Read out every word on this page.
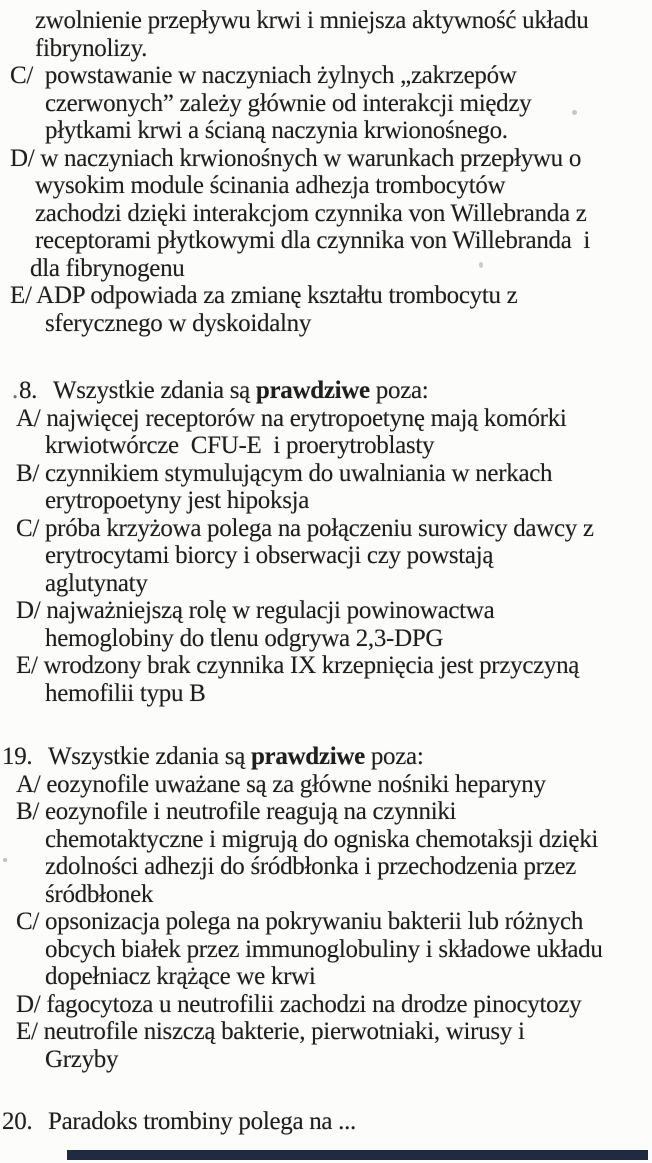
zwolnienie przepływu krwi i mniejsza aktywność układu
fibrynolizy.
C/  powstawanie w naczyniach żylnych „zakrzepów
czerwonych” zależy głównie od interakcji między
płytkami krwi a ścianą naczynia krwionośnego.
D/ w naczyniach krwionośnych w warunkach przepływu o
wysokim module ścinania adhezja trombocytów
zachodzi dzięki interakcjom czynnika von Willebranda z
receptorami płytkowymi dla czynnika von Willebranda  i
dla fibrynogenu
E/ ADP odpowiada za zmianę kształtu trombocytu z
sferycznego w dyskoidalny
.8. Wszystkie zdania są prawdziwe poza:
A/ najwięcej receptorów na erytropoetynę mają komórki
krwiotwórcze  CFU-E  i proerytroblasty
B/ czynnikiem stymulującym do uwalniania w nerkach
erytropoetyny jest hipoksja
C/ próba krzyżowa polega na połączeniu surowicy dawcy z
erytrocytami biorcy i obserwacji czy powstają
aglutynaty
D/ najważniejszą rolę w regulacji powinowactwa
hemoglobiny do tlenu odgrywa 2,3-DPG
E/ wrodzony brak czynnika IX krzepnięcia jest przyczyną
hemofilii typu B
19. Wszystkie zdania są prawdziwe poza:
A/ eozynofile uważane są za główne nośniki heparyny
B/ eozynofile i neutrofile reagują na czynniki
chemotaktyczne i migrują do ogniska chemotaksji dzięki
zdolności adhezji do śródbłonka i przechodzenia przez
śródbłonek
C/ opsonizacja polega na pokrywaniu bakterii lub różnych
obcych białek przez immunoglobuliny i składowe układu
dopełniacz krążące we krwi
D/ fagocytoza u neutrofilii zachodzi na drodze pinocytozy
E/ neutrofile niszczą bakterie, pierwotniaki, wirusy i
Grzyby
20. Paradoks trombiny polega na ...
